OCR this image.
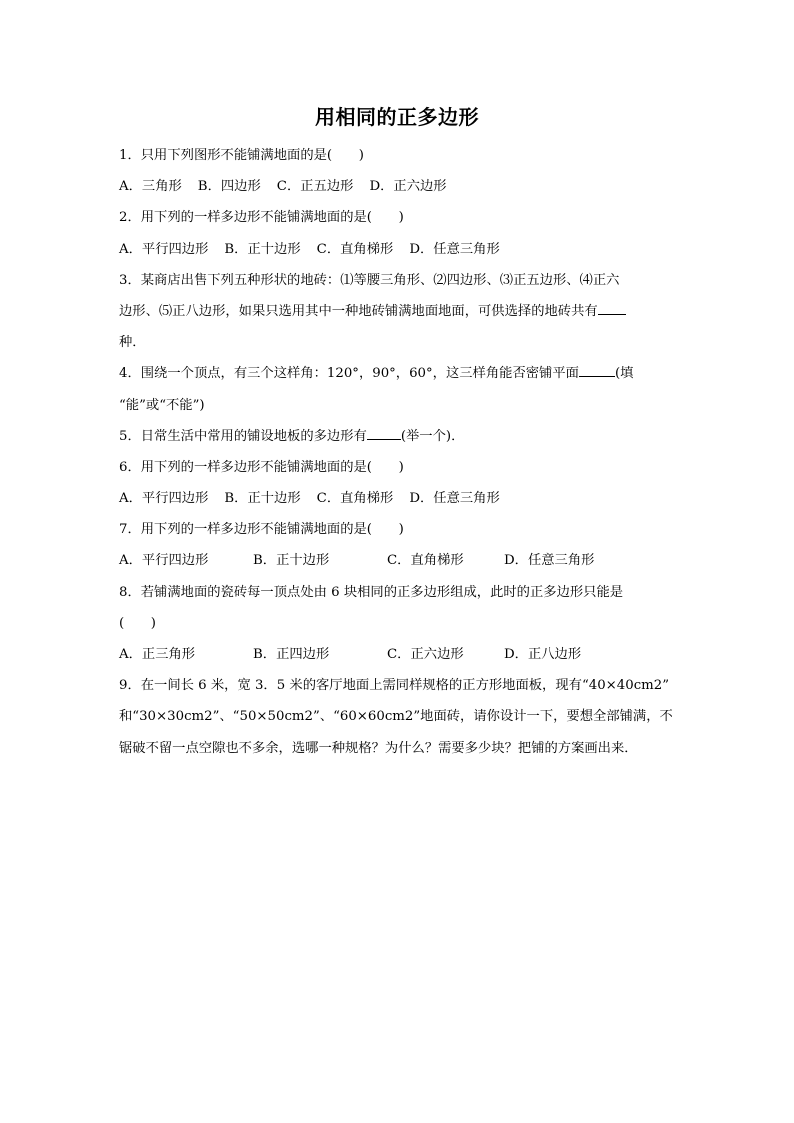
用相同的正多边形
1．只用下列图形不能铺满地面的是(　　)
A．三角形 B．四边形 C．正五边形 D．正六边形
2．用下列的一样多边形不能铺满地面的是(　　)
A．平行四边形 B．正十边形 C．直角梯形 D．任意三角形
3．某商店出售下列五种形状的地砖：⑴等腰三角形、⑵四边形、⑶正五边形、⑷正六
边形、⑸正八边形，如果只选用其中一种地砖铺满地面地面，可供选择的地砖共有
种．
4．围绕一个顶点，有三个这样角：120°，90°，60°，这三样角能否密铺平面	(填
“能”或“不能”)
5．日常生活中常用的铺设地板的多边形有	(举一个)．
6．用下列的一样多边形不能铺满地面的是(　　)
A．平行四边形 B．正十边形 C．直角梯形 D．任意三角形
7．用下列的一样多边形不能铺满地面的是(　　)
A．平行四边形	B．正十边形	C．直角梯形	D．任意三角形
8．若铺满地面的瓷砖每一顶点处由 6 块相同的正多边形组成，此时的正多边形只能是
(　　)
A．正三角形	B．正四边形	C．正六边形	D．正八边形
9．在一间长 6 米，宽 3．5 米的客厅地面上需同样规格的正方形地面板，现有“40×40cm2”
和“30×30cm2”、“50×50cm2”、“60×60cm2”地面砖，请你设计一下，要想全部铺满，不
锯破不留一点空隙也不多余，选哪一种规格？为什么？需要多少块？把铺的方案画出来．
